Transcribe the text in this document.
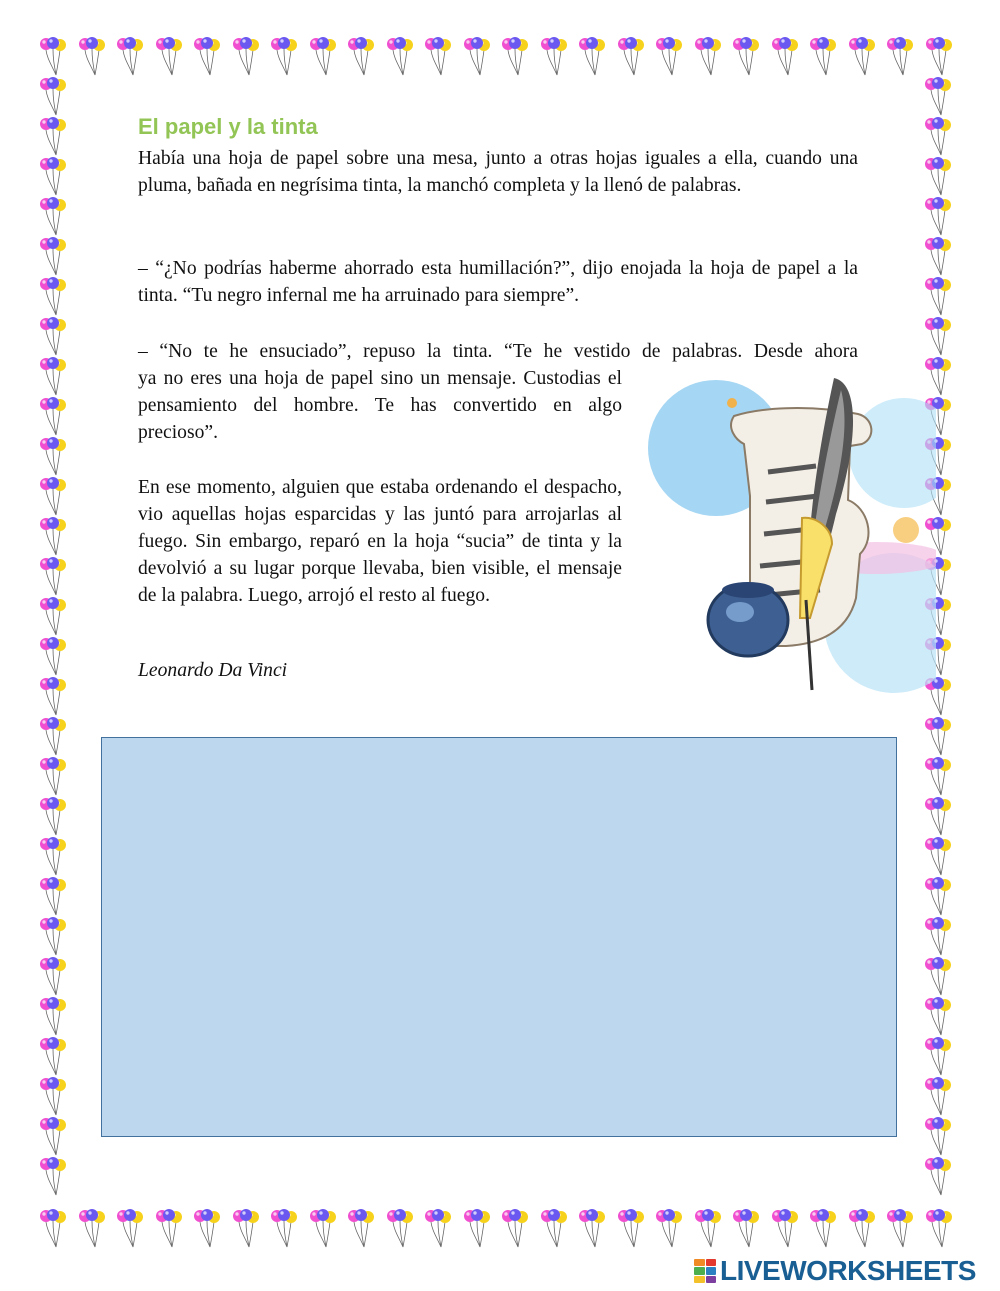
El papel y la tinta

Había una hoja de papel sobre una mesa, junto a otras hojas iguales a ella, cuando una pluma, bañada en negrísima tinta, la manchó completa y la llenó de palabras.

– “¿No podrías haberme ahorrado esta humillación?”, dijo enojada la hoja de papel a la tinta. “Tu negro infernal me ha arruinado para siempre”.

– “No te he ensuciado”, repuso la tinta. “Te he vestido de palabras. Desde ahora

ya no eres una hoja de papel sino un mensaje. Custodias el pensamiento del hombre. Te has convertido en algo precioso”.

En ese momento, alguien que estaba ordenando el despacho, vio aquellas hojas esparcidas y las juntó para arrojarlas al fuego. Sin embargo, reparó en la hoja “sucia” de tinta y la devolvió a su lugar porque llevaba, bien visible, el mensaje de la palabra. Luego, arrojó el resto al fuego.

Leonardo Da Vinci

LIVEWORKSHEETS
